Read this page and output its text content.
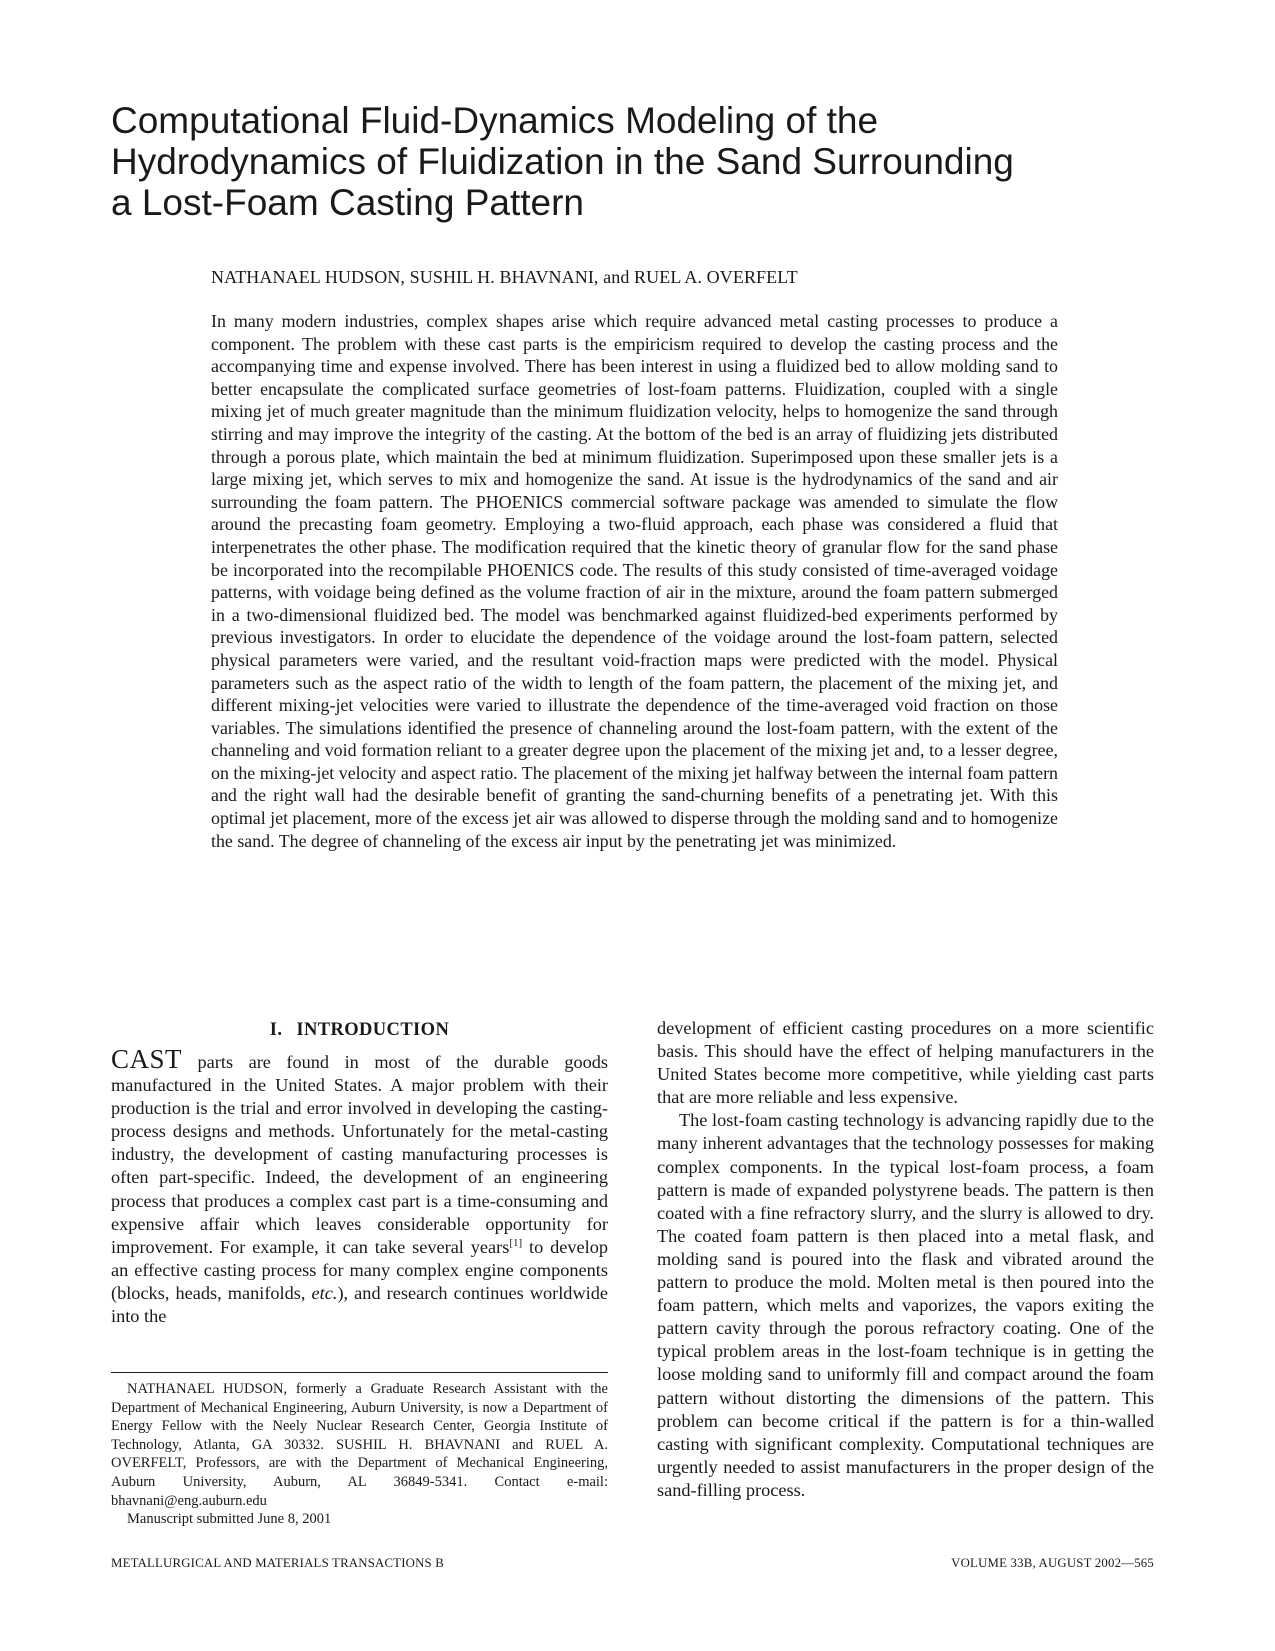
Computational Fluid-Dynamics Modeling of the
Hydrodynamics of Fluidization in the Sand Surrounding
a Lost-Foam Casting Pattern
NATHANAEL HUDSON, SUSHIL H. BHAVNANI, and RUEL A. OVERFELT

In many modern industries, complex shapes arise which require advanced metal casting processes to produce a component. The problem with these cast parts is the empiricism required to develop the casting process and the accompanying time and expense involved. There has been interest in using a fluidized bed to allow molding sand to better encapsulate the complicated surface geometries of lost-foam patterns. Fluidization, coupled with a single mixing jet of much greater magnitude than the minimum fluidization velocity, helps to homogenize the sand through stirring and may improve the integrity of the casting. At the bottom of the bed is an array of fluidizing jets distributed through a porous plate, which maintain the bed at minimum fluidization. Superimposed upon these smaller jets is a large mixing jet, which serves to mix and homogenize the sand. At issue is the hydrodynamics of the sand and air surrounding the foam pattern. The PHOENICS commercial software package was amended to simulate the flow around the precasting foam geometry. Employing a two-fluid approach, each phase was considered a fluid that interpenetrates the other phase. The modification required that the kinetic theory of granular flow for the sand phase be incorporated into the recompilable PHOENICS code. The results of this study consisted of time-averaged voidage patterns, with voidage being defined as the volume fraction of air in the mixture, around the foam pattern submerged in a two-dimensional fluidized bed. The model was benchmarked against fluidized-bed experiments performed by previous investigators. In order to elucidate the dependence of the voidage around the lost-foam pattern, selected physical parameters were varied, and the resultant void-fraction maps were predicted with the model. Physical parameters such as the aspect ratio of the width to length of the foam pattern, the placement of the mixing jet, and different mixing-jet velocities were varied to illustrate the dependence of the time-averaged void fraction on those variables. The simulations identified the presence of channeling around the lost-foam pattern, with the extent of the channeling and void formation reliant to a greater degree upon the placement of the mixing jet and, to a lesser degree, on the mixing-jet velocity and aspect ratio. The placement of the mixing jet halfway between the internal foam pattern and the right wall had the desirable benefit of granting the sand-churning benefits of a penetrating jet. With this optimal jet placement, more of the excess jet air was allowed to disperse through the molding sand and to homogenize the sand. The degree of channeling of the excess air input by the penetrating jet was minimized.

I. INTRODUCTION

CAST parts are found in most of the durable goods manufactured in the United States. A major problem with their production is the trial and error involved in developing the casting-process designs and methods. Unfortunately for the metal-casting industry, the development of casting manufacturing processes is often part-specific. Indeed, the development of an engineering process that produces a complex cast part is a time-consuming and expensive affair which leaves considerable opportunity for improvement. For example, it can take several years[1] to develop an effective casting process for many complex engine components (blocks, heads, manifolds, etc.), and research continues worldwide into the

development of efficient casting procedures on a more scientific basis. This should have the effect of helping manufacturers in the United States become more competitive, while yielding cast parts that are more reliable and less expensive.

The lost-foam casting technology is advancing rapidly due to the many inherent advantages that the technology possesses for making complex components. In the typical lost-foam process, a foam pattern is made of expanded polystyrene beads. The pattern is then coated with a fine refractory slurry, and the slurry is allowed to dry. The coated foam pattern is then placed into a metal flask, and molding sand is poured into the flask and vibrated around the pattern to produce the mold. Molten metal is then poured into the foam pattern, which melts and vaporizes, the vapors exiting the pattern cavity through the porous refractory coating. One of the typical problem areas in the lost-foam technique is in getting the loose molding sand to uniformly fill and compact around the foam pattern without distorting the dimensions of the pattern. This problem can become critical if the pattern is for a thin-walled casting with significant complexity. Computational techniques are urgently needed to assist manufacturers in the proper design of the sand-filling process.

NATHANAEL HUDSON, formerly a Graduate Research Assistant with the Department of Mechanical Engineering, Auburn University, is now a Department of Energy Fellow with the Neely Nuclear Research Center, Georgia Institute of Technology, Atlanta, GA 30332. SUSHIL H. BHAVNANI and RUEL A. OVERFELT, Professors, are with the Department of Mechanical Engineering, Auburn University, Auburn, AL 36849-5341. Contact e-mail: bhavnani@eng.auburn.edu

Manuscript submitted June 8, 2001

METALLURGICAL AND MATERIALS TRANSACTIONS B	VOLUME 33B, AUGUST 2002—565
